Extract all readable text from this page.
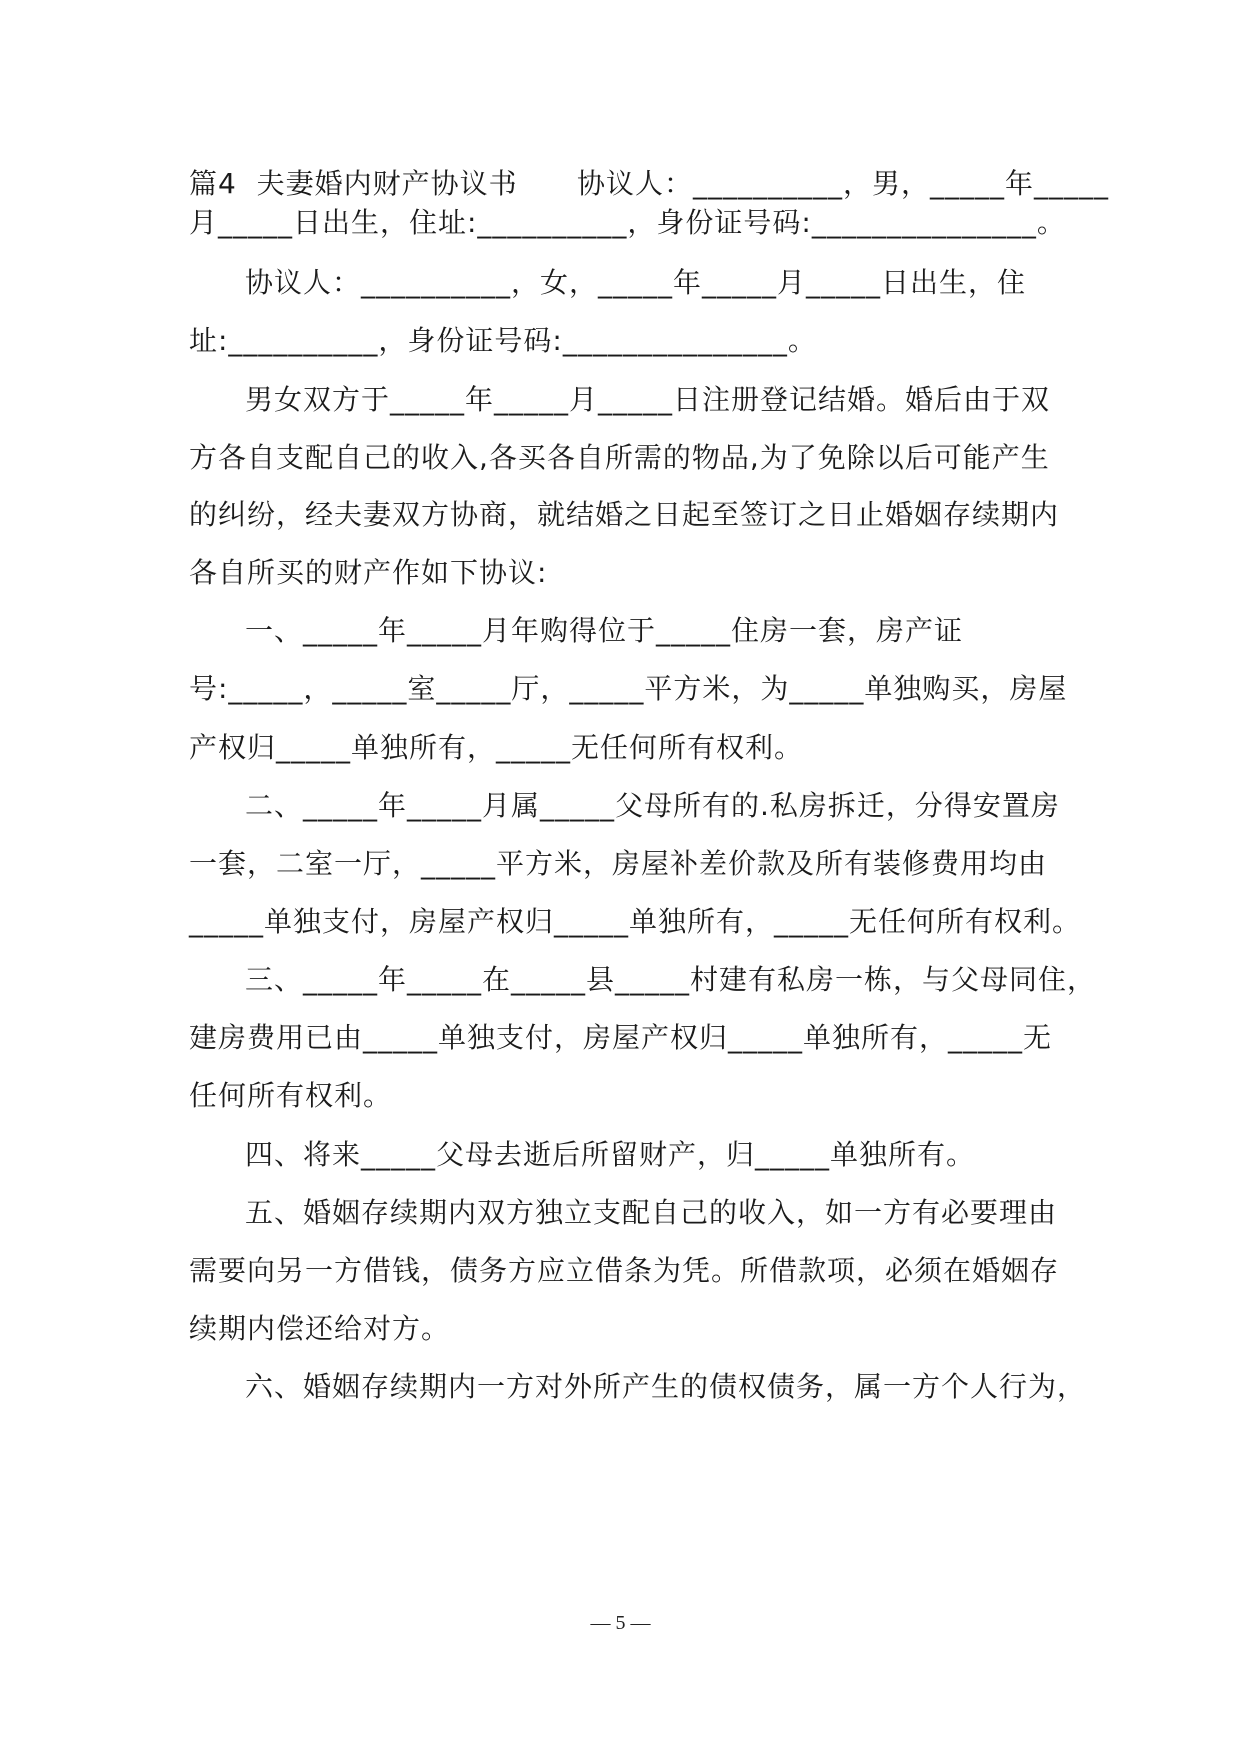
篇4  夫妻婚内财产协议书      协议人：__________，男，_____年_____
月_____日出生，住址:__________，身份证号码:_______________。
协议人：__________，女，_____年_____月_____日出生，住
址:__________，身份证号码:_______________。
男女双方于_____年_____月_____日注册登记结婚。婚后由于双
方各自支配自己的收入,各买各自所需的物品,为了免除以后可能产生
的纠纷，经夫妻双方协商，就结婚之日起至签订之日止婚姻存续期内
各自所买的财产作如下协议:
一、_____年_____月年购得位于_____住房一套，房产证
号:_____，_____室_____厅，_____平方米，为_____单独购买，房屋
产权归_____单独所有，_____无任何所有权利。
二、_____年_____月属_____父母所有的.私房拆迁，分得安置房
一套，二室一厅，_____平方米，房屋补差价款及所有装修费用均由
_____单独支付，房屋产权归_____单独所有，_____无任何所有权利。
三、_____年_____在_____县_____村建有私房一栋，与父母同住，
建房费用已由_____单独支付，房屋产权归_____单独所有，_____无
任何所有权利。
四、将来_____父母去逝后所留财产，归_____单独所有。
五、婚姻存续期内双方独立支配自己的收入，如一方有必要理由
需要向另一方借钱，债务方应立借条为凭。所借款项，必须在婚姻存
续期内偿还给对方。
六、婚姻存续期内一方对外所产生的债权债务，属一方个人行为，
— 5 —
